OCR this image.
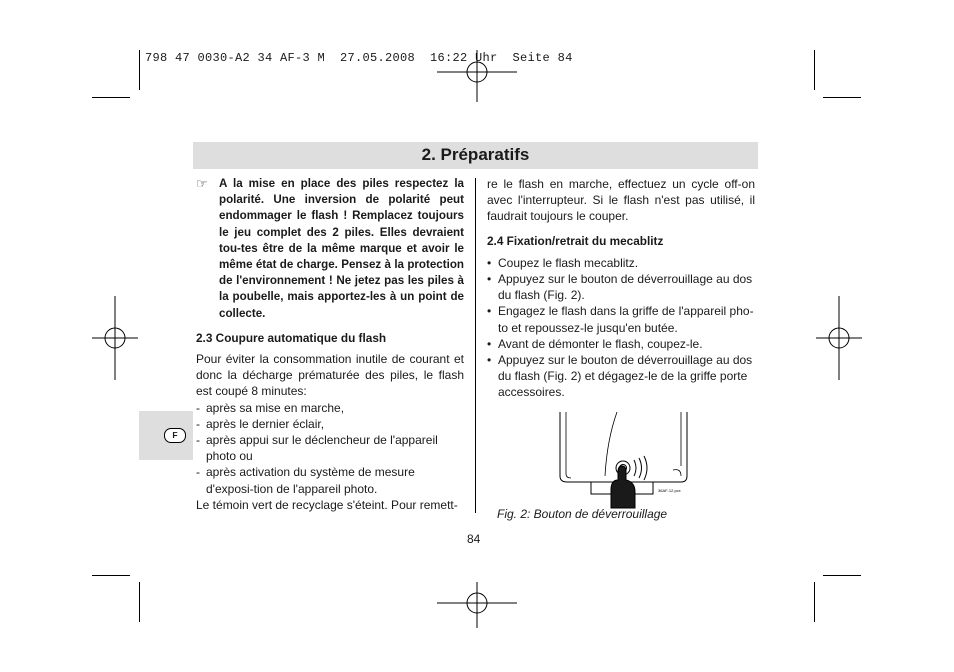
798 47 0030-A2 34 AF-3 M  27.05.2008  16:22 Uhr  Seite 84
2. Préparatifs
F
☞ A la mise en place des piles respectez la polarité. Une inversion de polarité peut endommager le flash ! Remplacez toujours le jeu complet des 2 piles. Elles devraient tou-tes être de la même marque et avoir le même état de charge. Pensez à la protection de l'environnement ! Ne jetez pas les piles à la poubelle, mais apportez-les à un point de collecte.
2.3 Coupure automatique du flash

Pour éviter la consommation inutile de courant et donc la décharge prématurée des piles, le flash est coupé 8 minutes:

- après sa mise en marche,
- après le dernier éclair,
- après appui sur le déclencheur de l'appareil photo ou
- après activation du système de mesure d'exposi-tion de l'appareil photo.

Le témoin vert de recyclage s'éteint. Pour remett-

re le flash en marche, effectuez un cycle off-on avec l'interrupteur. Si le flash n'est pas utilisé, il faudrait toujours le couper.

2.4 Fixation/retrait du mecablitz
• Coupez le flash mecablitz.
• Appuyez sur le bouton de déverrouillage au dos du flash (Fig. 2).
• Engagez le flash dans la griffe de l'appareil pho-to et repoussez-le jusqu'en butée.
• Avant de démonter le flash, coupez-le.
• Appuyez sur le bouton de déverrouillage au dos du flash (Fig. 2) et dégagez-le de la griffe porte accessoires.
36AF-12.pcx
Fig. 2: Bouton de déverrouillage
84
